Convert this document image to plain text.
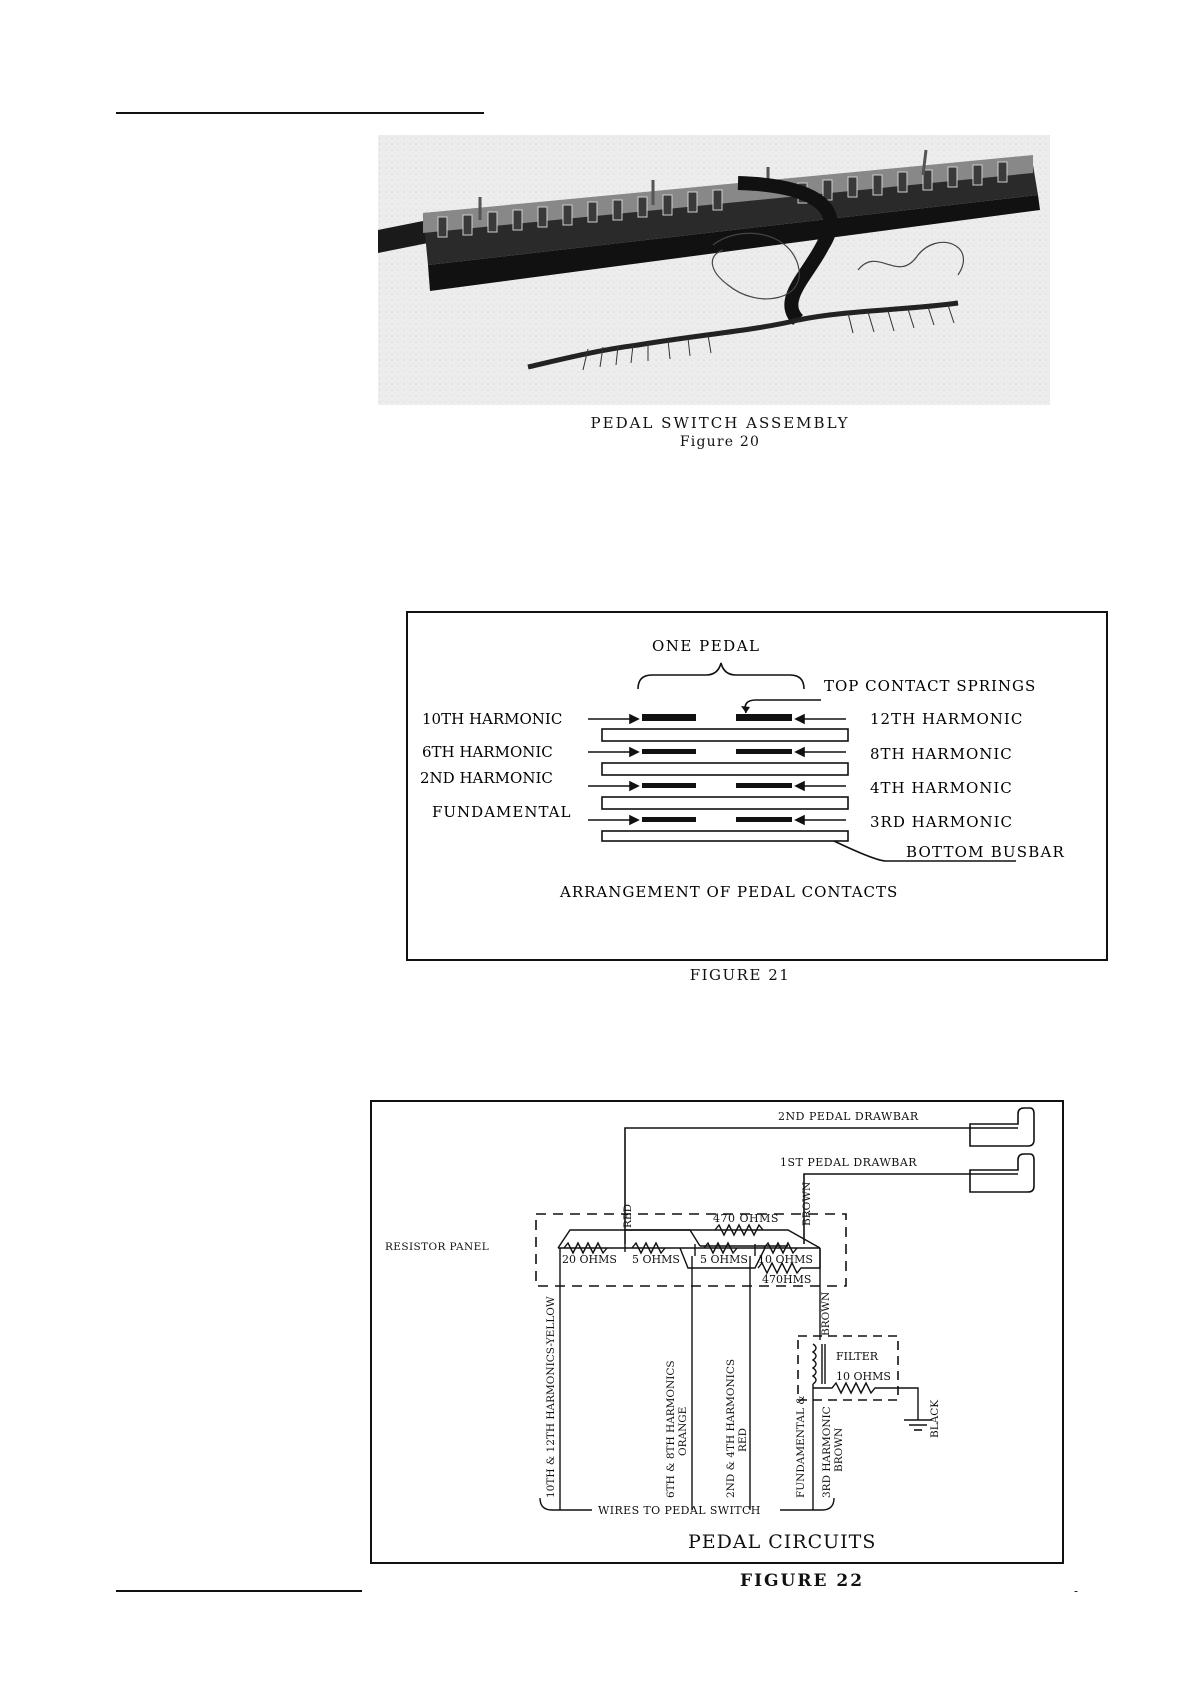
PEDAL SWITCH ASSEMBLY
Figure 20
ONE PEDAL
TOP CONTACT SPRINGS
10TH HARMONIC	12TH HARMONIC
6TH HARMONIC	8TH HARMONIC
2ND HARMONIC
4TH HARMONIC
FUNDAMENTAL
3RD HARMONIC
BOTTOM BUSBAR
ARRANGEMENT OF PEDAL CONTACTS
FIGURE 21
2ND PEDAL DRAWBAR
1ST PEDAL DRAWBAR
RED	BROWN
470 OHMS
RESISTOR PANEL
20 OHMS 5 OHMS 5 OHMS 10 OHMS
470HMS
BROWN
FILTER
10 OHMS
BLACK
10TH & 12TH HARMONICS-YELLOW	6TH & 8TH HARMONICS ORANGE	2ND & 4TH HARMONICS RED	FUNDAMENTAL & 3RD HARMONIC BROWN
WIRES TO PEDAL SWITCH
PEDAL CIRCUITS
FIGURE 22	-
